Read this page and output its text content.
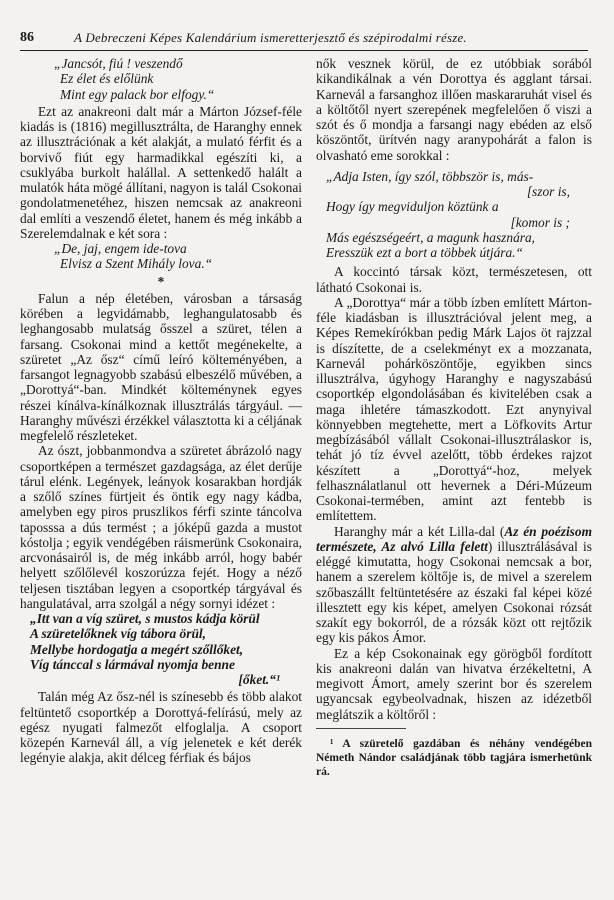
86	A Debreczeni Képes Kalendárium ismeretterjesztő és szépirodalmi része.
„Jancsót, fiú ! veszendő
Ez élet és előlünk
Mint egy palack bor elfogy.“

Ezt az anakreoni dalt már a Márton József-féle kiadás is (1816) megillusztrálta, de Haranghy ennek az illusztrációnak a két alakját, a mulató férfit és a borvivő fiút egy harmadikkal egészíti ki, a csuklyába burkolt halállal. A settenkedő halált a mulatók háta mögé állítani, nagyon is talál Csokonai gondolatmenetéhez, hiszen nemcsak az anakreoni dal említi a veszendő életet, hanem és még inkább a Szerelemdalnak e két sora :

„De, jaj, engem ide-tova
Elvisz a Szent Mihály lova.“
*

Falun a nép életében, városban a társaság körében a legvidámabb, leghangulatosabb és leghangosabb mulatság ősszel a szüret, télen a farsang. Csokonai mind a kettőt megénekelte, a szüretet „Az ősz“ című leíró költeményében, a farsangot legnagyobb szabású elbeszélő művében, a „Dorottyá“-ban. Mindkét költeménynek egyes részei kínálva-kínálkoznak illusztrálás tárgyául. — Haranghy művészi érzékkel választotta ki a céljának megfelelő részleteket.

Az ószt, jobbanmondva a szüretet ábrázoló nagy csoportképen a természet gazdagsága, az élet derűje tárul elénk. Legények, leányok kosarakban hordják a szőlő színes fürtjeit és öntik egy nagy kádba, amelyben egy piros pruszlikos férfi szinte táncolva taposssa a dús termést ; a jóképű gazda a mustot kóstolja ; egyik vendégében ráismerünk Csokonaira, arcvonásairól is, de még inkább arról, hogy babér helyett szőlőlevél koszorúzza fejét. Hogy a néző teljesen tisztában legyen a csoportkép tárgyával és hangulatával, arra szolgál a négy sornyi idézet :

„Itt van a víg szüret, s mustos kádja körül
A szüretelőknek víg tábora örül,
Mellybe hordogatja a megért szőllőket,
Víg tánccal s lármával nyomja benne
[őket.“¹

Talán még Az ősz-nél is színesebb és több alakot feltüntető csoportkép a Dorottyá-felírású, mely az egész nyugati falmezőt elfoglalja. A csoport közepén Karnevál áll, a víg jelenetek e két derék legényie alakja, akit délceg férfiak és bájos

nők vesznek körül, de ez utóbbiak sorából kikandikálnak a vén Dorottya és agglant társai. Karnevál a farsanghoz illően maskararuhát visel és a költőtől nyert szerepének megfelelően ő viszi a szót és ő mondja a farsangi nagy ebéden az első köszöntőt, ürítvén nagy aranypohárát a falon is olvasható eme sorokkal :

„Adja Isten, így szól, többször is, más-
[szor is,
Hogy így megviduljon köztünk a
[komor is ;
Más egészségeért, a magunk hasznára,
Eresszük ezt a bort a többek útjára.“

A koccintó társak közt, természetesen, ott látható Csokonai is.

A „Dorottya“ már a több ízben említett Márton-féle kiadásban is illusztrációval jelent meg, a Képes Remekírókban pedig Márk Lajos öt rajzzal is díszítette, de a cselekményt ex a mozzanata, Karnevál pohárköszöntője, egyikben sincs illusztrálva, úgyhogy Haranghy e nagyszabású csoportkép elgondolásában és kivitelében csak a maga ihletére támaszkodott. Ezt anynyival könnyebben megtehette, mert a Löfkovits Artur megbízásából vállalt Csokonai-illusztrálaskor is, tehát jó tíz évvel azelőtt, több érdekes rajzot készített a „Dorottyá“-hoz, melyek felhasználatlanul ott hevernek a Déri-Múzeum Csokonai-termében, amint azt fentebb is említettem.

Haranghy már a két Lilla-dal (Az én poézisom természete, Az alvó Lilla felett) illusztrálásával is eléggé kimutatta, hogy Csokonai nemcsak a bor, hanem a szerelem költője is, de mivel a szerelem szőbaszállt feltüntetésére az északi fal képei közé illesztett egy kis képet, amelyen Csokonai rózsát szakít egy bokorról, de a rózsák közt ott rejtőzik egy kis pákos Ámor.

Ez a kép Csokonainak egy görögből fordított kis anakreoni dalán van hivatva érzékeltetni, A megivott Ámort, amely szerint bor és szerelem ugyancsak egybeolvadnak, hiszen az idézetből meglátszik a költőről :

¹ A szüretelő gazdában és néhány vendégében Németh Nándor családjának több tagjára ismerhetünk rá.
